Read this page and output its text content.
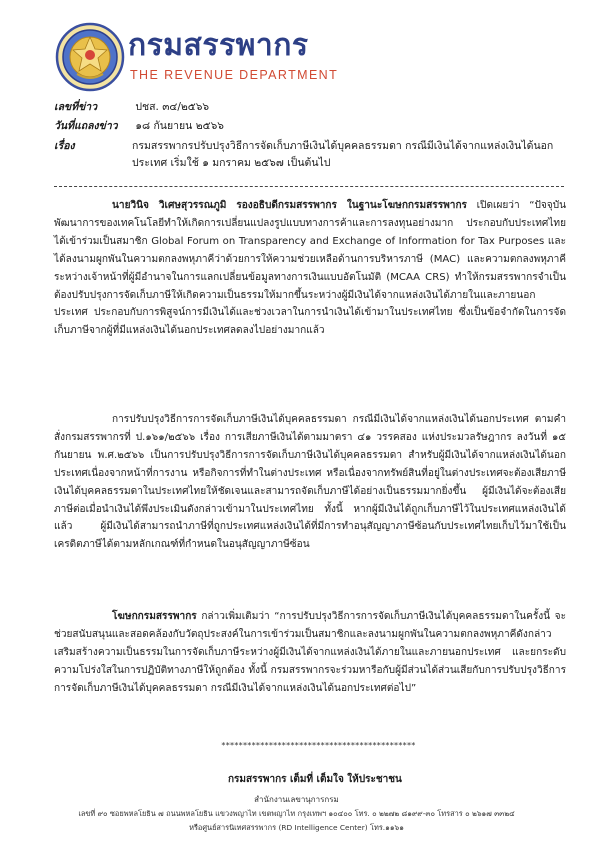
กรมสรรพากร
THE REVENUE DEPARTMENT
เลขที่ข่าว	ปชส. ๓๔/๒๕๖๖
วันที่แถลงข่าว ๑๘ กันยายน ๒๕๖๖
เรื่อง	กรมสรรพากรปรับปรุงวิธีการจัดเก็บภาษีเงินได้บุคคลธรรมดา กรณีมีเงินได้จากแหล่งเงินได้นอกประเทศ เริ่มใช้ ๑ มกราคม ๒๕๖๗ เป็นต้นไป
นายวินิจ วิเศษสุวรรณภูมิ รองอธิบดีกรมสรรพากร ในฐานะโฆษกกรมสรรพากร เปิดเผยว่า “ปัจจุบัน พัฒนาการของเทคโนโลยีทำให้เกิดการเปลี่ยนแปลงรูปแบบทางการค้าและการลงทุนอย่างมาก ประกอบกับประเทศไทยได้เข้าร่วมเป็นสมาชิก Global Forum on Transparency and Exchange of Information for Tax Purposes และได้ลงนามผูกพันในความตกลงพหุภาคีว่าด้วยการให้ความช่วยเหลือด้านการบริหารภาษี (MAC) และความตกลงพหุภาคีระหว่างเจ้าหน้าที่ผู้มีอำนาจในการแลกเปลี่ยนข้อมูลทางการเงินแบบอัตโนมัติ (MCAA CRS) ทำให้กรมสรรพากรจำเป็นต้องปรับปรุงการจัดเก็บภาษีให้เกิดความเป็นธรรมให้มากขึ้นระหว่างผู้มีเงินได้จากแหล่งเงินได้ภายในและภายนอกประเทศ ประกอบกับการพิสูจน์การมีเงินได้และช่วงเวลาในการนำเงินได้เข้ามาในประเทศไทย ซึ่งเป็นข้อจำกัดในการจัดเก็บภาษีจากผู้ที่มีแหล่งเงินได้นอกประเทศลดลงไปอย่างมากแล้ว
การปรับปรุงวิธีการการจัดเก็บภาษีเงินได้บุคคลธรรมดา กรณีมีเงินได้จากแหล่งเงินได้นอกประเทศ ตามคำสั่งกรมสรรพากรที่ ป.๑๖๑/๒๕๖๖ เรื่อง การเสียภาษีเงินได้ตามมาตรา ๔๑ วรรคสอง แห่งประมวลรัษฎากร ลงวันที่ ๑๕ กันยายน พ.ศ.๒๕๖๖ เป็นการปรับปรุงวิธีการการจัดเก็บภาษีเงินได้บุคคลธรรมดา สำหรับผู้มีเงินได้จากแหล่งเงินได้นอกประเทศเนื่องจากหน้าที่การงาน หรือกิจการที่ทำในต่างประเทศ หรือเนื่องจากทรัพย์สินที่อยู่ในต่างประเทศจะต้องเสียภาษีเงินได้บุคคลธรรมดาในประเทศไทยให้ชัดเจนและสามารถจัดเก็บภาษีได้อย่างเป็นธรรมมากยิ่งขึ้น ผู้มีเงินได้จะต้องเสียภาษีต่อเมื่อนำเงินได้พึงประเมินดังกล่าวเข้ามาในประเทศไทย ทั้งนี้ หากผู้มีเงินได้ถูกเก็บภาษีไว้ในประเทศแหล่งเงินได้แล้ว ผู้มีเงินได้สามารถนำภาษีที่ถูกประเทศแหล่งเงินได้ที่มีการทำอนุสัญญาภาษีซ้อนกับประเทศไทยเก็บไว้มาใช้เป็นเครดิตภาษีได้ตามหลักเกณฑ์ที่กำหนดในอนุสัญญาภาษีซ้อน
โฆษกกรมสรรพากร กล่าวเพิ่มเติมว่า “การปรับปรุงวิธีการการจัดเก็บภาษีเงินได้บุคคลธรรมดาในครั้งนี้ จะช่วยสนับสนุนและสอดคล้องกับวัตถุประสงค์ในการเข้าร่วมเป็นสมาชิกและลงนามผูกพันในความตกลงพหุภาคีดังกล่าว เสริมสร้างความเป็นธรรมในการจัดเก็บภาษีระหว่างผู้มีเงินได้จากแหล่งเงินได้ภายในและภายนอกประเทศ และยกระดับความโปร่งใสในการปฏิบัติทางภาษีให้ถูกต้อง ทั้งนี้ กรมสรรพากรจะร่วมหารือกับผู้มีส่วนได้ส่วนเสียกับการปรับปรุงวิธีการการจัดเก็บภาษีเงินได้บุคคลธรรมดา กรณีมีเงินได้จากแหล่งเงินได้นอกประเทศต่อไป”
*********************************************
กรมสรรพากร เต็มที่ เต็มใจ ให้ประชาชน
สำนักงานเลขานุการกรม
เลขที่ ๙๐ ซอยพหลโยธิน ๗ ถนนพหลโยธิน แขวงพญาไท เขตพญาไท กรุงเทพฯ ๑๐๔๐๐ โทร. ๐ ๒๒๗๒ ๘๑๙๙-๓๐ โทรสาร ๐ ๒๖๑๗ ๓๓๒๔
หรือศูนย์สารนิเทศสรรพากร (RD Intelligence Center) โทร.๑๑๖๑
